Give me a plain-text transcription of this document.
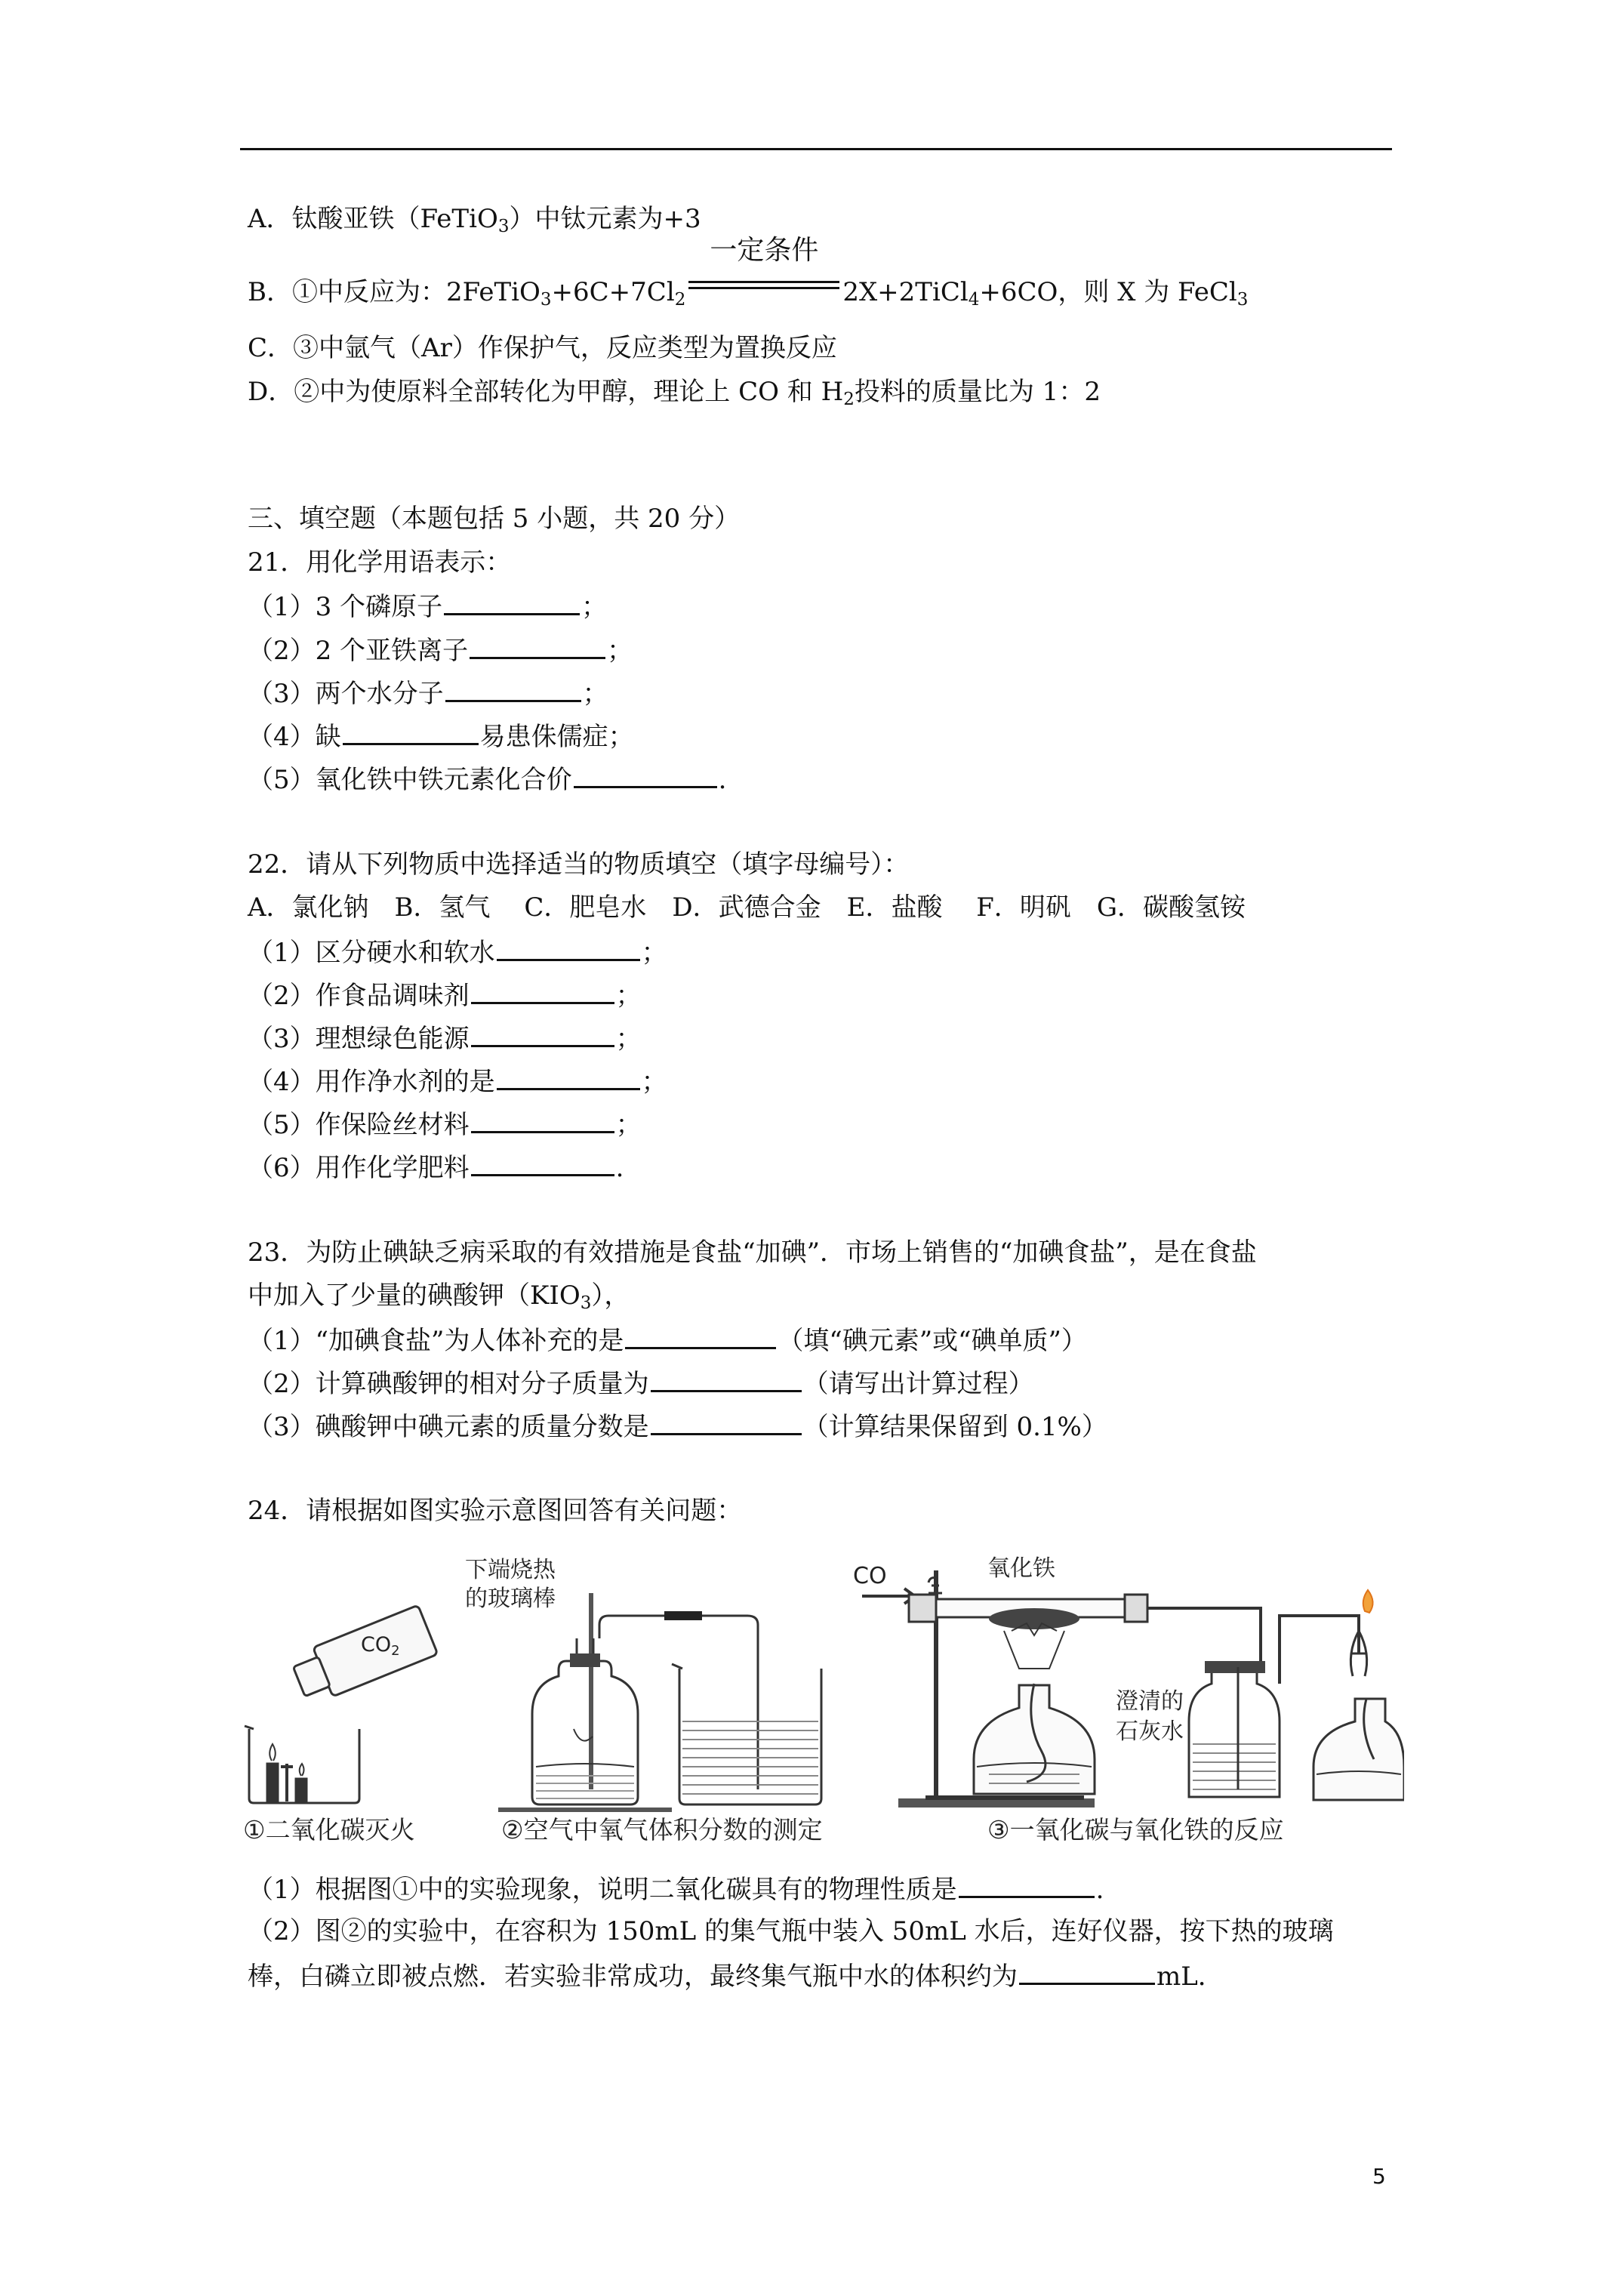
A．钛酸亚铁（FeTiO$_3$）中钛元素为+3
B．①中反应为：$2FeTiO_3+6C+7Cl_2$
一定条件
2X+2TiCl$_4$+6CO，则 X 为 FeCl$_3$
C．③中氩气（Ar）作保护气，反应类型为置换反应
D．②中为使原料全部转化为甲醇，理论上 CO 和 $H_2$投料的质量比为 1：2
三、填空题（本题包括 5 小题，共 20 分）
21．用化学用语表示：
（1）3 个磷原子	；
（2）2 个亚铁离子	；
（3）两个水分子	；
（4）缺	易患侏儒症；
（5）氧化铁中铁元素化合价	.
22．请从下列物质中选择适当的物质填空（填字母编号）：
A．氯化钠　B．氢气　 C．肥皂水　D．武德合金　E．盐酸　 F．明矾　G．碳酸氢铵
（1）区分硬水和软水	；
（2）作食品调味剂	；
（3）理想绿色能源	；
（4）用作净水剂的是	；
（5）作保险丝材料	；
（6）用作化学肥料	.
23．为防止碘缺乏病采取的有效措施是食盐“加碘”．市场上销售的“加碘食盐”，是在食盐
中加入了少量的碘酸钾$(KIO_3)$，
（1）“加碘食盐”为人体补充的是	（填“碘元素”或“碘单质”）
（2）计算碘酸钾的相对分子质量为	（请写出计算过程）
（3）碘酸钾中碘元素的质量分数是	（计算结果保留到 0.1%）
24．请根据如图实验示意图回答有关问题：
CO2
下端烧热
的玻璃棒
CO	氧化铁
澄清的
石灰水
①二氧化碳灭火	②空气中氧气体积分数的测定	③一氧化碳与氧化铁的反应
（1）根据图①中的实验现象，说明二氧化碳具有的物理性质是	.
（2）图②的实验中，在容积为 150mL 的集气瓶中装入 50mL 水后，连好仪器，按下热的玻璃
棒，白磷立即被点燃．若实验非常成功，最终集气瓶中水的体积约为	mL．
5
